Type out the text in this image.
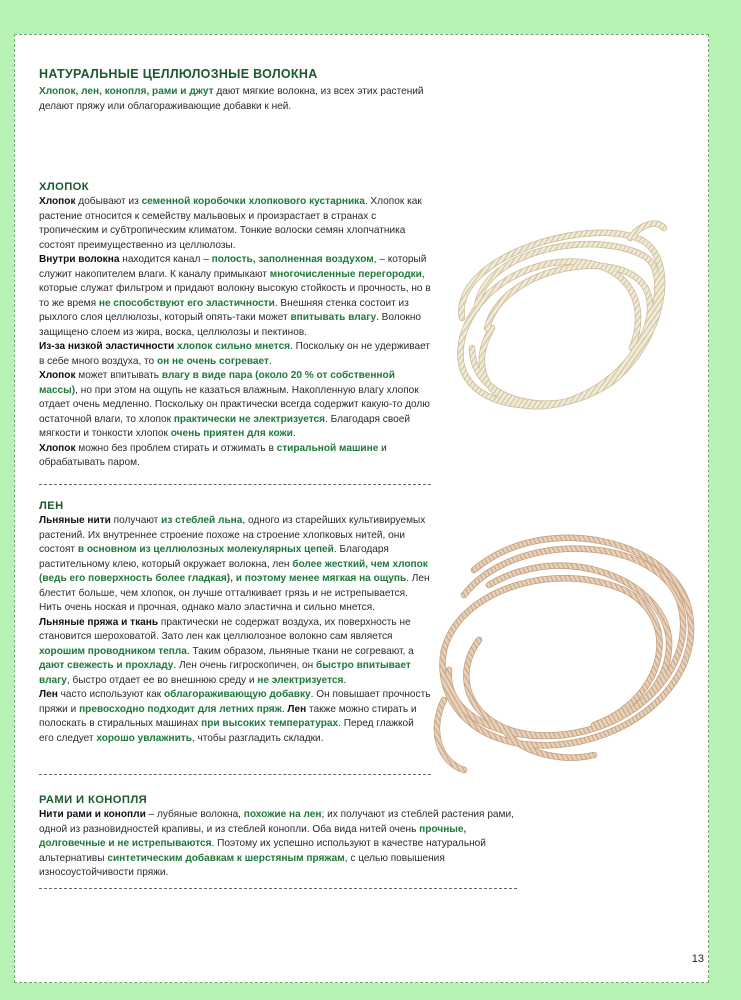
НАТУРАЛЬНЫЕ ЦЕЛЛЮЛОЗНЫЕ ВОЛОКНА

Хлопок, лен, конопля, рами и джут дают мягкие волокна, из всех этих растений делают пряжу или облагораживающие добавки к ней.

ХЛОПОК

Хлопок добывают из семенной коробочки хлопкового кустарника. Хлопок как растение относится к семейству мальвовых и произрастает в странах с тропическим и субтропическим климатом. Тонкие волоски семян хлопчатника состоят преимущественно из целлюлозы.

Внутри волокна находится канал – полость, заполненная воздухом, – который служит накопителем влаги. К каналу примыкают многочисленные перегородки, которые служат фильтром и придают волокну высокую стойкость и прочность, но в то же время не способствуют его эластичности. Внешняя стенка состоит из рыхлого слоя целлюлозы, который опять-таки может впитывать влагу. Волокно защищено слоем из жира, воска, целлюлозы и пектинов.

Из-за низкой эластичности хлопок сильно мнется. Поскольку он не удерживает в себе много воздуха, то он не очень согревает.

Хлопок может впитывать влагу в виде пара (около 20 % от собственной массы), но при этом на ощупь не казаться влажным. Накопленную влагу хлопок отдает очень медленно. Поскольку он практически всегда содержит какую-то долю остаточной влаги, то хлопок практически не электризуется. Благодаря своей мягкости и тонкости хлопок очень приятен для кожи.

Хлопок можно без проблем стирать и отжимать в стиральной машине и обрабатывать паром.

ЛЕН

Льняные нити получают из стеблей льна, одного из старейших культивируемых растений. Их внутреннее строение похоже на строение хлопковых нитей, они состоят в основном из целлюлозных молекулярных цепей. Благодаря растительному клею, который окружает волокна, лен более жесткий, чем хлопок (ведь его поверхность более гладкая), и поэтому менее мягкая на ощупь. Лен блестит больше, чем хлопок, он лучше отталкивает грязь и не истрепывается. Нить очень ноская и прочная, однако мало эластична и сильно мнется.

Льняные пряжа и ткань практически не содержат воздуха, их поверхность не становится шероховатой. Зато лен как целлюлозное волокно сам является хорошим проводником тепла. Таким образом, льняные ткани не согревают, а дают свежесть и прохладу. Лен очень гигроскопичен, он быстро впитывает влагу, быстро отдает ее во внешнюю среду и не электризуется.

Лен часто используют как облагораживающую добавку. Он повышает прочность пряжи и превосходно подходит для летних пряж. Лен также можно стирать и полоскать в стиральных машинах при высоких температурах. Перед глажкой его следует хорошо увлажнить, чтобы разгладить складки.

РАМИ И КОНОПЛЯ

Нити рами и конопли – лубяные волокна, похожие на лен; их получают из стеблей растения рами, одной из разновидностей крапивы, и из стеблей конопли. Оба вида нитей очень прочные, долговечные и не истрепываются. Поэтому их успешно используют в качестве натуральной альтернативы синтетическим добавкам к шерстяным пряжам, с целью повышения износоустойчивости пряжи.

13
